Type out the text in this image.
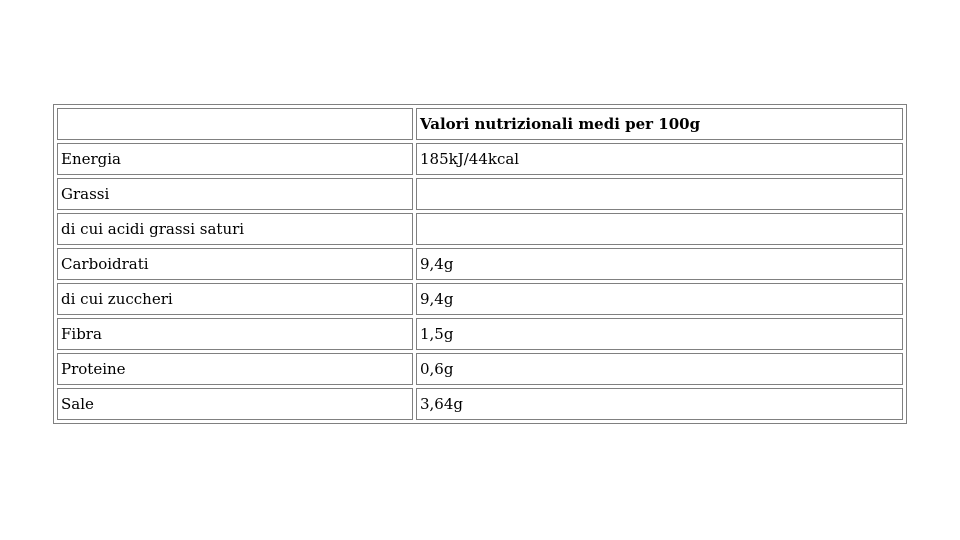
	Valori nutrizionali medi per 100g
Energia	185kJ/44kcal
Grassi	
di cui acidi grassi saturi	
Carboidrati	9,4g
di cui zuccheri	9,4g
Fibra	1,5g
Proteine	0,6g
Sale	3,64g
